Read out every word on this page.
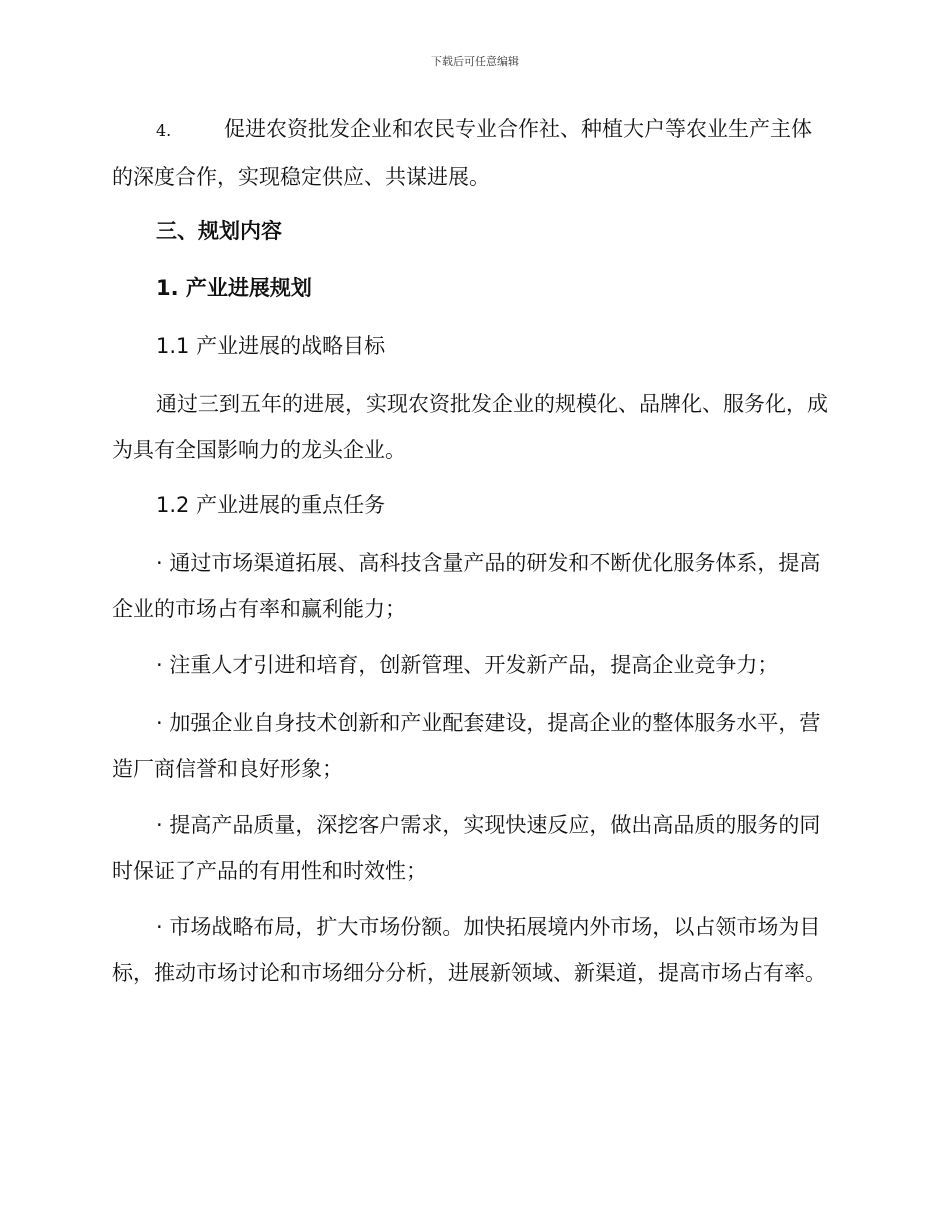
下载后可任意编辑
4.	促进农资批发企业和农民专业合作社、种植大户等农业生产主体
的深度合作，实现稳定供应、共谋进展。
三、规划内容
1. 产业进展规划
1.1 产业进展的战略目标
通过三到五年的进展，实现农资批发企业的规模化、品牌化、服务化，成为具有全国影响力的龙头企业。
1.2 产业进展的重点任务
· 通过市场渠道拓展、高科技含量产品的研发和不断优化服务体系，提高企业的市场占有率和赢利能力；
· 注重人才引进和培育，创新管理、开发新产品，提高企业竞争力；
· 加强企业自身技术创新和产业配套建设，提高企业的整体服务水平，营造厂商信誉和良好形象；
· 提高产品质量，深挖客户需求，实现快速反应，做出高品质的服务的同时保证了产品的有用性和时效性；
· 市场战略布局，扩大市场份额。加快拓展境内外市场，以占领市场为目标，推动市场讨论和市场细分分析，进展新领域、新渠道，提高市场占有率。
